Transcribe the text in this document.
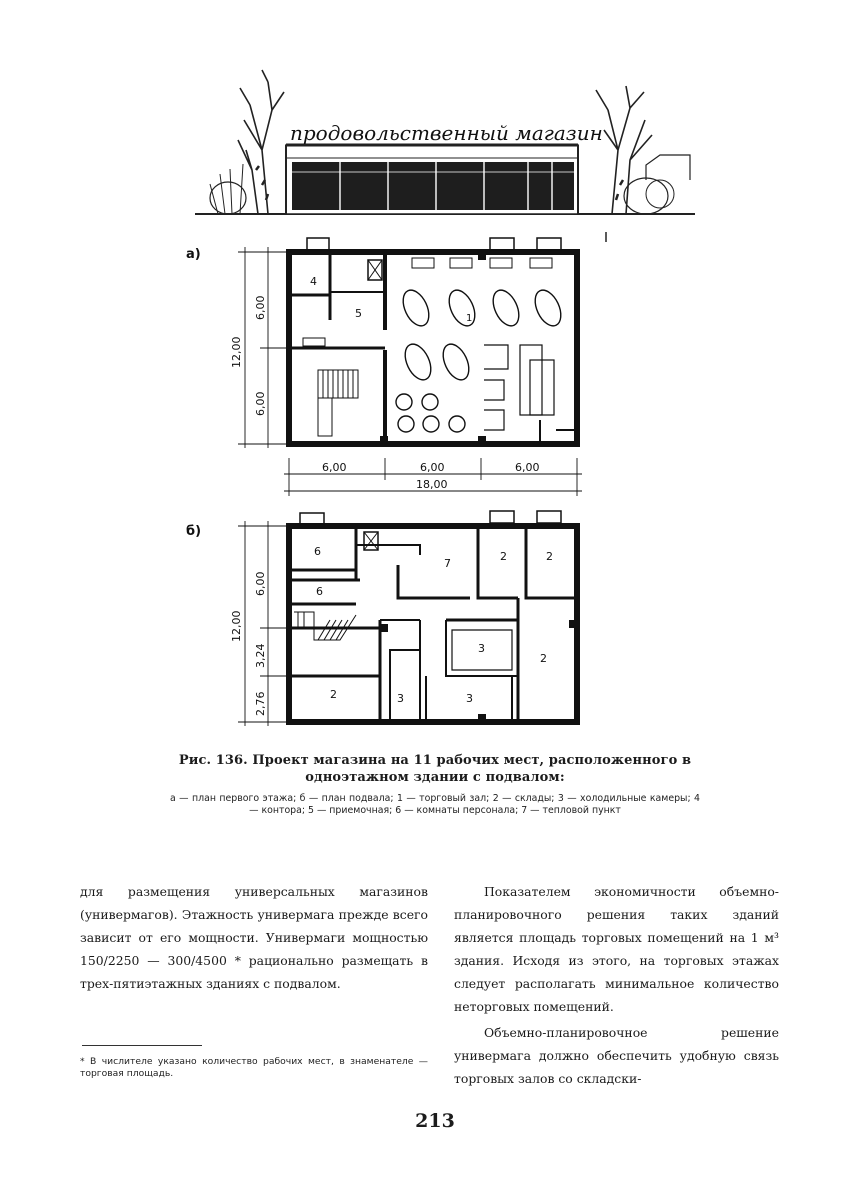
продовольственный магазин
а)
4
5	1
12,00
6,00
6,00
6,00	6,00	6,00
18,00
б)
6
6
7
2	2
2
3
3	3
2
12,00
6,00
3,24
2,76
Рис. 136. Проект магазина на 11 рабочих мест, расположенного в одноэтажном здании с подвалом:
а — план первого этажа; б — план подвала; 1 — торговый зал; 2 — склады; 3 — холодильные камеры; 4 — контора; 5 — приемочная; 6 — комнаты персонала; 7 — тепловой пункт

для размещения универсальных магазинов (универмагов). Этажность универмага прежде всего зависит от его мощности. Универмаги мощностью 150/2250 — 300/4500 * рационально размещать в трех-пятиэтажных зданиях с подвалом.

* В числителе указано количество рабочих мест, в знаменателе — торговая площадь.

Показателем экономичности объемно-планировочного решения таких зданий является площадь торговых помещений на 1 м³ здания. Исходя из этого, на торговых этажах следует располагать минимальное количество неторговых помещений.

Объемно-планировочное решение универмага должно обеспечить удобную связь торговых залов со складски-

213
